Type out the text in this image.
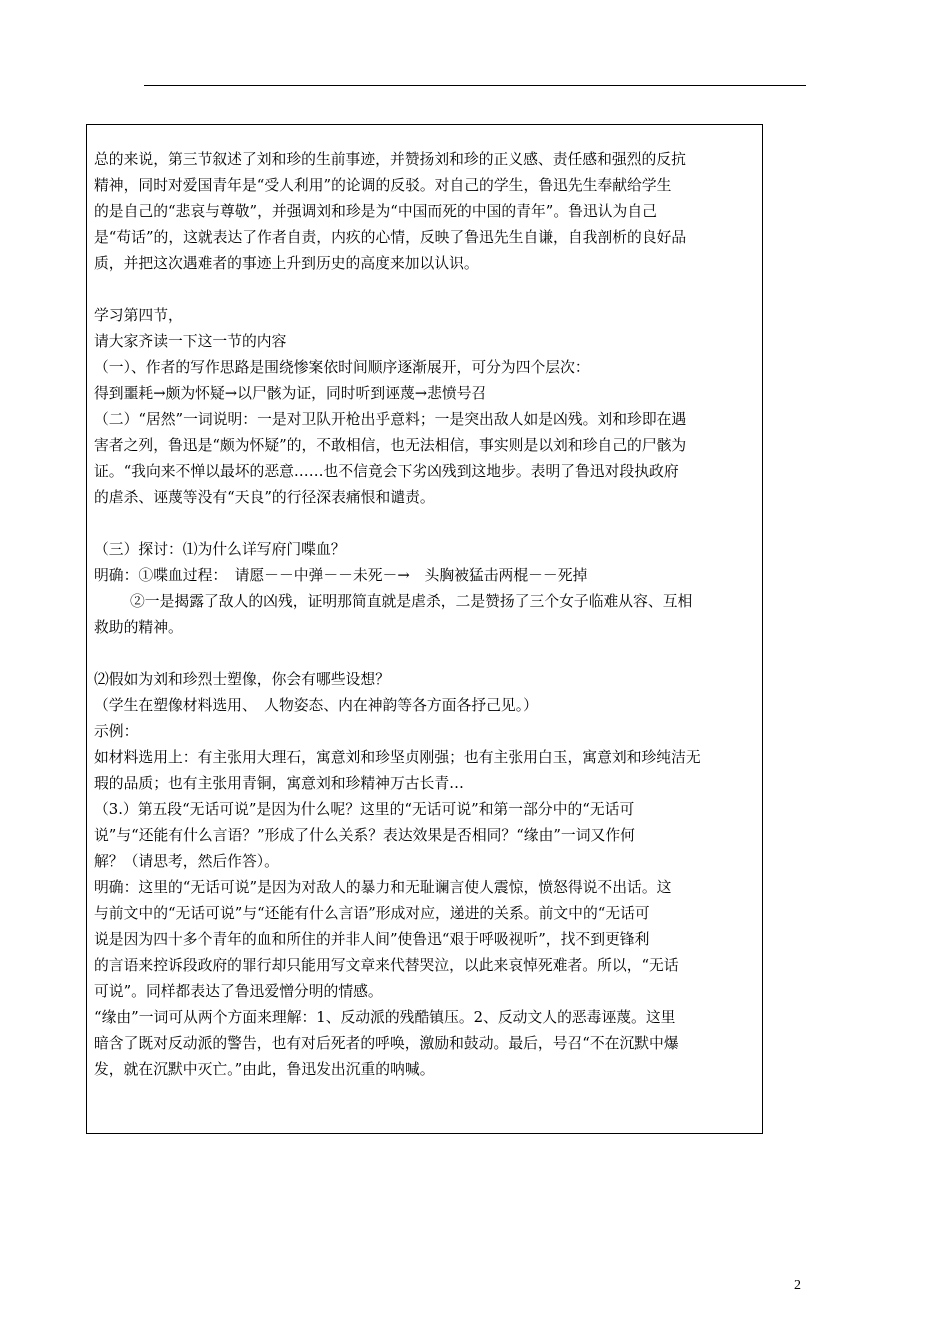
总的来说，第三节叙述了刘和珍的生前事迹，并赞扬刘和珍的正义感、责任感和强烈的反抗
精神，同时对爱国青年是“受人利用”的论调的反驳。对自己的学生，鲁迅先生奉献给学生
的是自己的“悲哀与尊敬”，并强调刘和珍是为“中国而死的中国的青年”。鲁迅认为自己
是“苟话”的，这就表达了作者自责，内疚的心情，反映了鲁迅先生自谦，自我剖析的良好品
质，并把这次遇难者的事迹上升到历史的高度来加以认识。
学习第四节，
请大家齐读一下这一节的内容
（一）、作者的写作思路是围绕惨案依时间顺序逐渐展开，可分为四个层次：
得到噩耗→颇为怀疑→以尸骸为证，同时听到诬蔑→悲愤号召
（二）“居然”一词说明：一是对卫队开枪出乎意料；一是突出敌人如是凶残。刘和珍即在遇
害者之列，鲁迅是“颇为怀疑”的，不敢相信，也无法相信，事实则是以刘和珍自己的尸骸为
证。“我向来不惮以最坏的恶意……也不信竟会下劣凶残到这地步。表明了鲁迅对段执政府
的虐杀、诬蔑等没有“天良”的行径深表痛恨和谴责。
（三）探讨：⑴为什么详写府门喋血？
明确：①喋血过程：　请愿－－中弹－－未死－→　头胸被猛击两棍－－死掉
②一是揭露了敌人的凶残，证明那简直就是虐杀，二是赞扬了三个女子临难从容、互相
救助的精神。
⑵假如为刘和珍烈士塑像，你会有哪些设想？
（学生在塑像材料选用、　人物姿态、内在神韵等各方面各抒己见。）
示例：
如材料选用上：有主张用大理石，寓意刘和珍坚贞刚强；也有主张用白玉，寓意刘和珍纯洁无
瑕的品质；也有主张用青铜，寓意刘和珍精神万古长青…
（3.）第五段“无话可说”是因为什么呢？这里的“无话可说”和第一部分中的“无话可
说”与“还能有什么言语？”形成了什么关系？表达效果是否相同？“缘由”一词又作何
解？（请思考，然后作答）。
明确：这里的“无话可说”是因为对敌人的暴力和无耻谰言使人震惊，愤怒得说不出话。这
与前文中的“无话可说”与“还能有什么言语”形成对应，递进的关系。前文中的“无话可
说是因为四十多个青年的血和所住的并非人间”使鲁迅“艰于呼吸视听”，找不到更锋利
的言语来控诉段政府的罪行却只能用写文章来代替哭泣，以此来哀悼死难者。所以，“无话
可说”。同样都表达了鲁迅爱憎分明的情感。
“缘由”一词可从两个方面来理解：1、反动派的残酷镇压。2、反动文人的恶毒诬蔑。这里
暗含了既对反动派的警告，也有对后死者的呼唤，激励和鼓动。最后，号召“不在沉默中爆
发，就在沉默中灭亡。”由此，鲁迅发出沉重的呐喊。
2
